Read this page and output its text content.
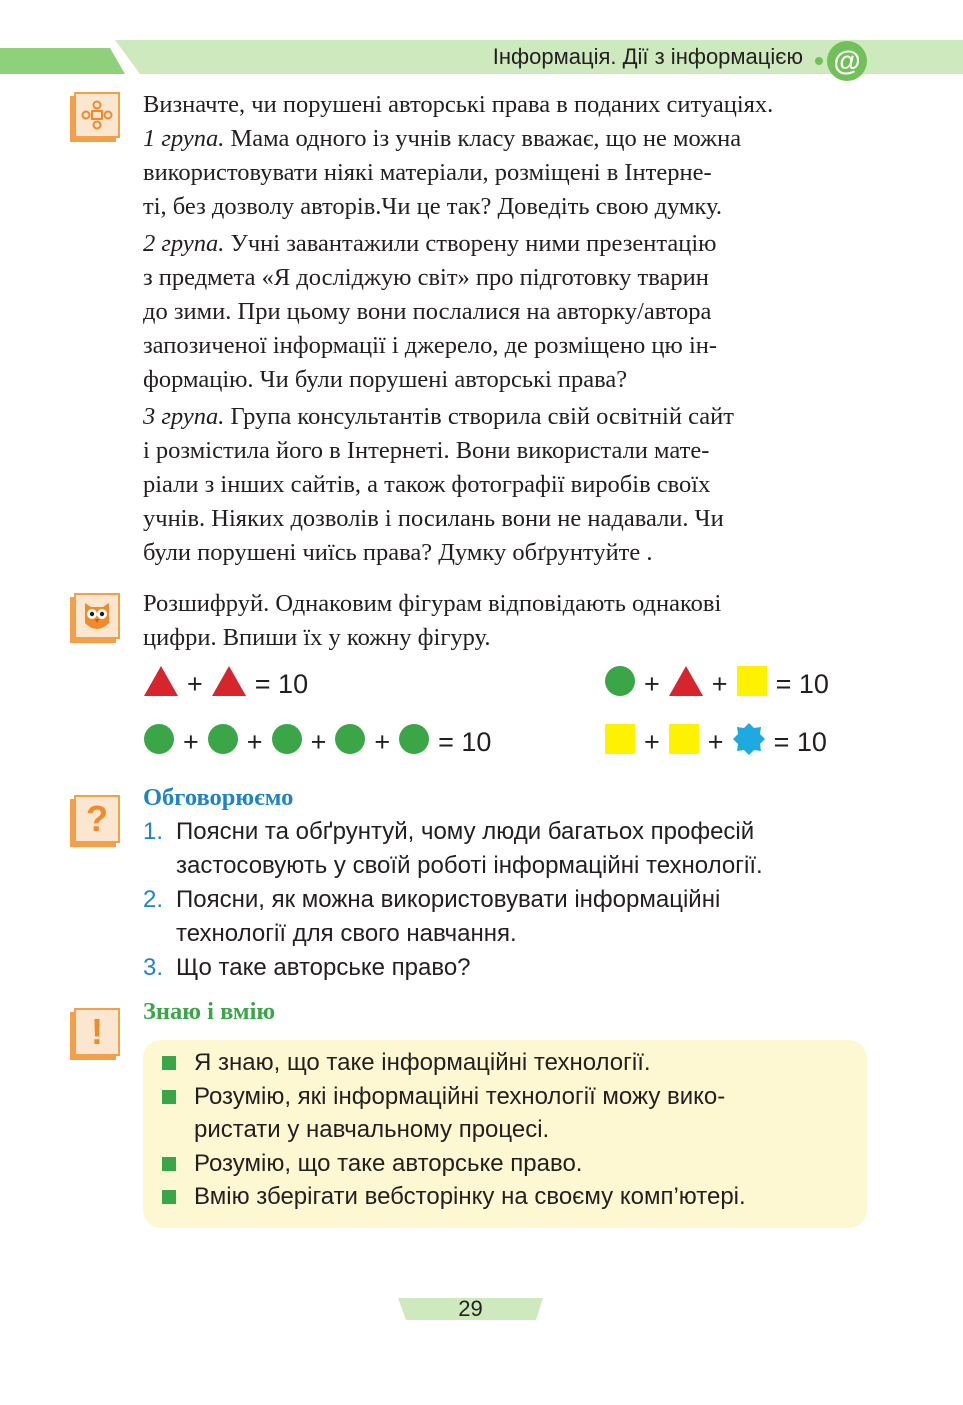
Інформація. Дії з інформацією @
Визначте, чи порушені авторські права в поданих ситуаціях.
1 група. Мама одного із учнів класу вважає, що не можна
використовувати ніякі матеріали, розміщені в Інтерне-
ті, без дозволу авторів.Чи це так? Доведіть свою думку.
2 група. Учні завантажили створену ними презентацію
з предмета «Я досліджую світ» про підготовку тварин
до зими. При цьому вони послалися на авторку/автора
запозиченої інформації і джерело, де розміщено цю ін-
формацію. Чи були порушені авторські права?
3 група. Група консультантів створила свій освітній сайт
і розмістила його в Інтернеті. Вони використали мате-
ріали з інших сайтів, а також фотографії виробів своїх
учнів. Ніяких дозволів і посилань вони не надавали. Чи
були порушені чиїсь права? Думку обґрунтуйте .
Розшифруй. Однаковим фігурам відповідають однакові
цифри. Впиши їх у кожну фігуру.
+ = 10	+ + = 10
+ + + + = 10	+ + = 10
?
Обговорюємо
1. Поясни та обґрунтуй, чому люди багатьох професій
застосовують у своїй роботі інформаційні технології.
2. Поясни, як можна використовувати інформаційні
технології для свого навчання.
3. Що таке авторське право?
! Знаю і вмію
Я знаю, що таке інформаційні технології.
Розумію, які інформаційні технології можу вико-
ристати у навчальному процесі.
Розумію, що таке авторське право.
Вмію зберігати вебсторінку на своєму комп’ютері.
29
